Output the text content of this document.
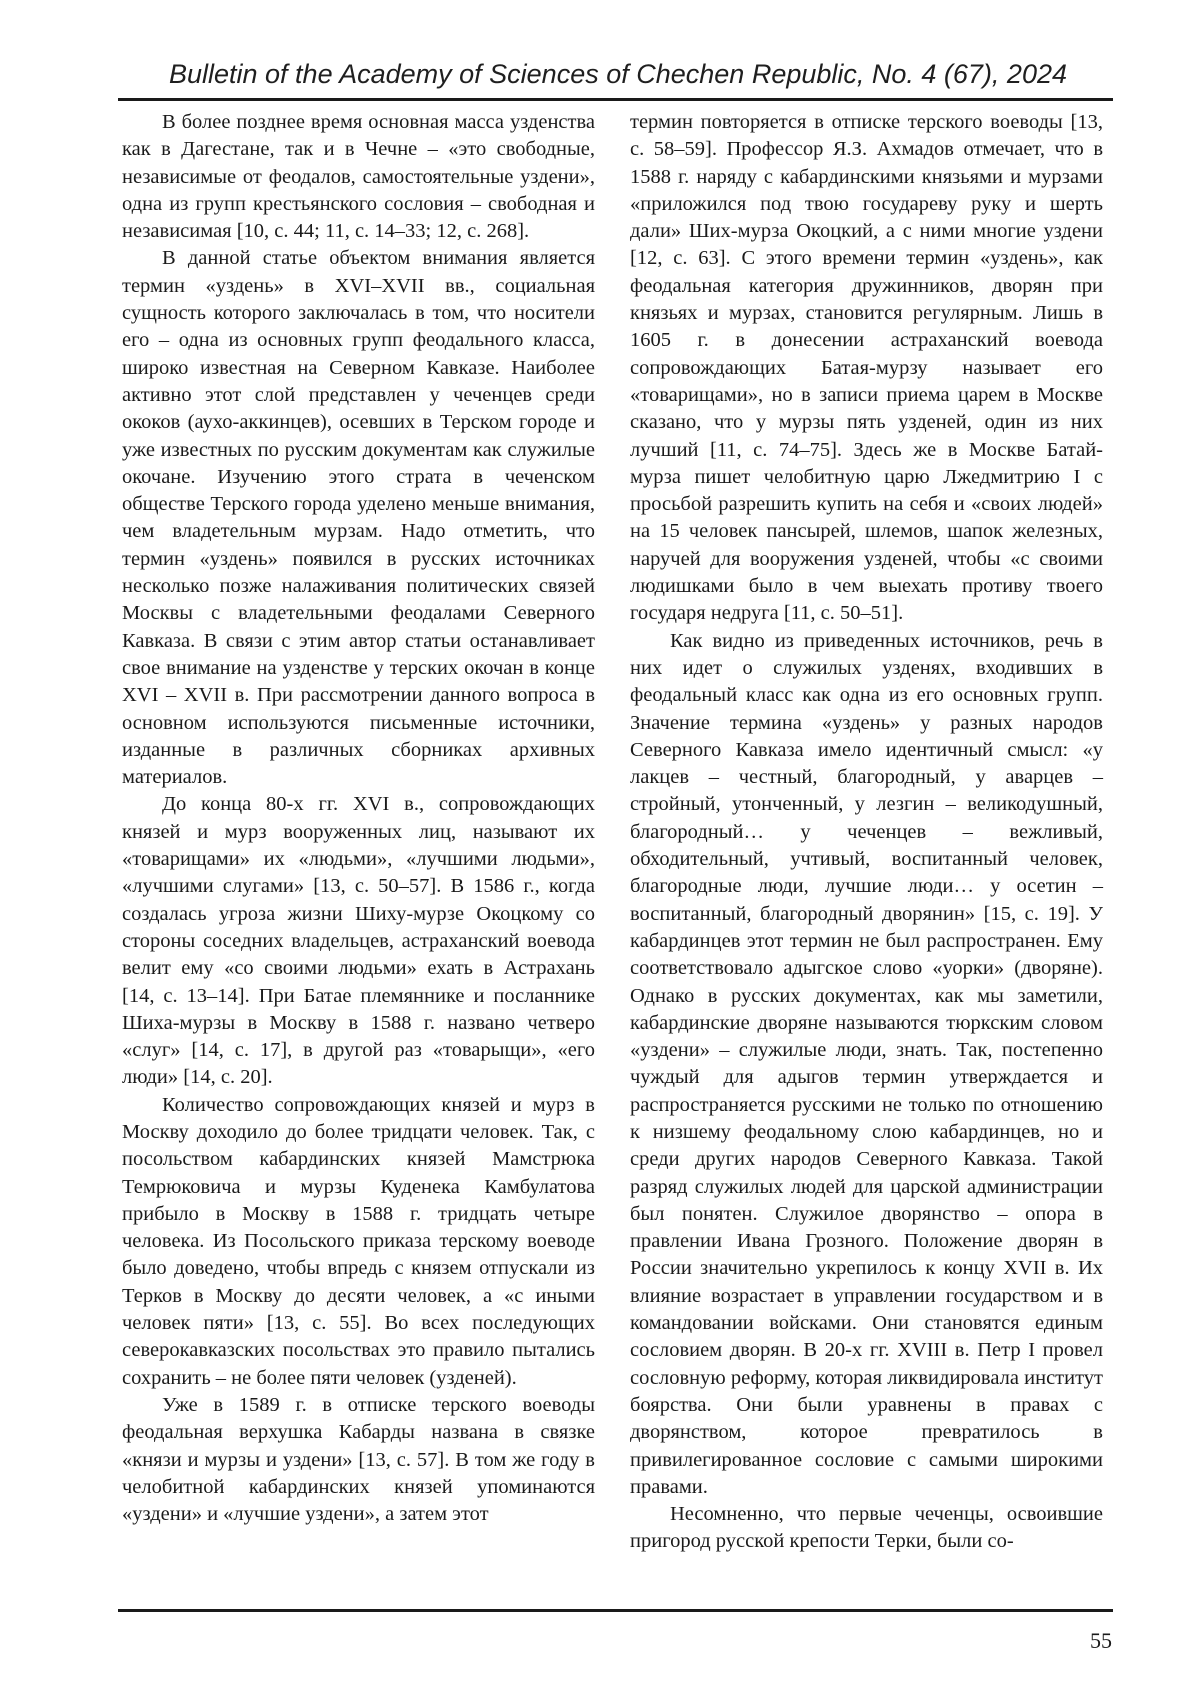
Bulletin of the Academy of Sciences of Chechen Republic, No. 4 (67), 2024

В более позднее время основная масса узденства как в Дагестане, так и в Чечне – «это свободные, независимые от феодалов, самостоятельные уздени», одна из групп крестьянского сословия – свободная и независимая [10, с. 44; 11, с. 14–33; 12, с. 268].

В данной статье объектом внимания является термин «уздень» в XVI–XVII вв., социальная сущность которого заключалась в том, что носители его – одна из основных групп феодального класса, широко известная на Северном Кавказе. Наиболее активно этот слой представлен у чеченцев среди ококов (аухо-аккинцев), осевших в Терском городе и уже известных по русским документам как служилые окочане. Изучению этого страта в чеченском обществе Терского города уделено меньше внимания, чем владетельным мурзам. Надо отметить, что термин «уздень» появился в русских источниках несколько позже налаживания политических связей Москвы с владетельными феодалами Северного Кавказа. В связи с этим автор статьи останавливает свое внимание на узденстве у терских окочан в конце XVI – XVII в. При рассмотрении данного вопроса в основном используются письменные источники, изданные в различных сборниках архивных материалов.

До конца 80-х гг. XVI в., сопровождающих князей и мурз вооруженных лиц, называют их «товарищами» их «людьми», «лучшими людьми», «лучшими слугами» [13, с. 50–57]. В 1586 г., когда создалась угроза жизни Шиху-мурзе Окоцкому со стороны соседних владельцев, астраханский воевода велит ему «со своими людьми» ехать в Астрахань [14, с. 13–14]. При Батае племяннике и посланнике Шиха-мурзы в Москву в 1588 г. названо четверо «слуг» [14, с. 17], в другой раз «товарыщи», «его люди» [14, с. 20].

Количество сопровождающих князей и мурз в Москву доходило до более тридцати человек. Так, с посольством кабардинских князей Мамстрюка Темрюковича и мурзы Куденека Камбулатова прибыло в Москву в 1588 г. тридцать четыре человека. Из Посольского приказа терскому воеводе было доведено, чтобы впредь с князем отпускали из Терков в Москву до десяти человек, а «с иными человек пяти» [13, с. 55]. Во всех последующих северокавказских посольствах это правило пытались сохранить – не более пяти человек (узденей).

Уже в 1589 г. в отписке терского воеводы феодальная верхушка Кабарды названа в связке «князи и мурзы и уздени» [13, с. 57]. В том же году в челобитной кабардинских князей упоминаются «уздени» и «лучшие уздени», а затем этот

термин повторяется в отписке терского воеводы [13, с. 58–59]. Профессор Я.З. Ахмадов отмечает, что в 1588 г. наряду с кабардинскими князьями и мурзами «приложился под твою государеву руку и шерть дали» Ших-мурза Окоцкий, а с ними многие уздени [12, с. 63]. С этого времени термин «уздень», как феодальная категория дружинников, дворян при князьях и мурзах, становится регулярным. Лишь в 1605 г. в донесении астраханский воевода сопровождающих Батая-мурзу называет его «товарищами», но в записи приема царем в Москве сказано, что у мурзы пять узденей, один из них лучший [11, с. 74–75]. Здесь же в Москве Батай-мурза пишет челобитную царю Лжедмитрию I с просьбой разрешить купить на себя и «своих людей» на 15 человек пансырей, шлемов, шапок железных, наручей для вооружения узденей, чтобы «с своими людишками было в чем выехать противу твоего государя недруга [11, с. 50–51].

Как видно из приведенных источников, речь в них идет о служилых узденях, входивших в феодальный класс как одна из его основных групп. Значение термина «уздень» у разных народов Северного Кавказа имело идентичный смысл: «у лакцев – честный, благородный, у аварцев – стройный, утонченный, у лезгин – великодушный, благородный… у чеченцев – вежливый, обходительный, учтивый, воспитанный человек, благородные люди, лучшие люди… у осетин – воспитанный, благородный дворянин» [15, с. 19]. У кабардинцев этот термин не был распространен. Ему соответствовало адыгское слово «уорки» (дворяне). Однако в русских документах, как мы заметили, кабардинские дворяне называются тюркским словом «уздени» – служилые люди, знать. Так, постепенно чуждый для адыгов термин утверждается и распространяется русскими не только по отношению к низшему феодальному слою кабардинцев, но и среди других народов Северного Кавказа. Такой разряд служилых людей для царской администрации был понятен. Служилое дворянство – опора в правлении Ивана Грозного. Положение дворян в России значительно укрепилось к концу XVII в. Их влияние возрастает в управлении государством и в командовании войсками. Они становятся единым сословием дворян. В 20-х гг. XVIII в. Петр I провел сословную реформу, которая ликвидировала институт боярства. Они были уравнены в правах с дворянством, которое превратилось в привилегированное сословие с самыми широкими правами.

Несомненно, что первые чеченцы, освоившие пригород русской крепости Терки, были со-

55
